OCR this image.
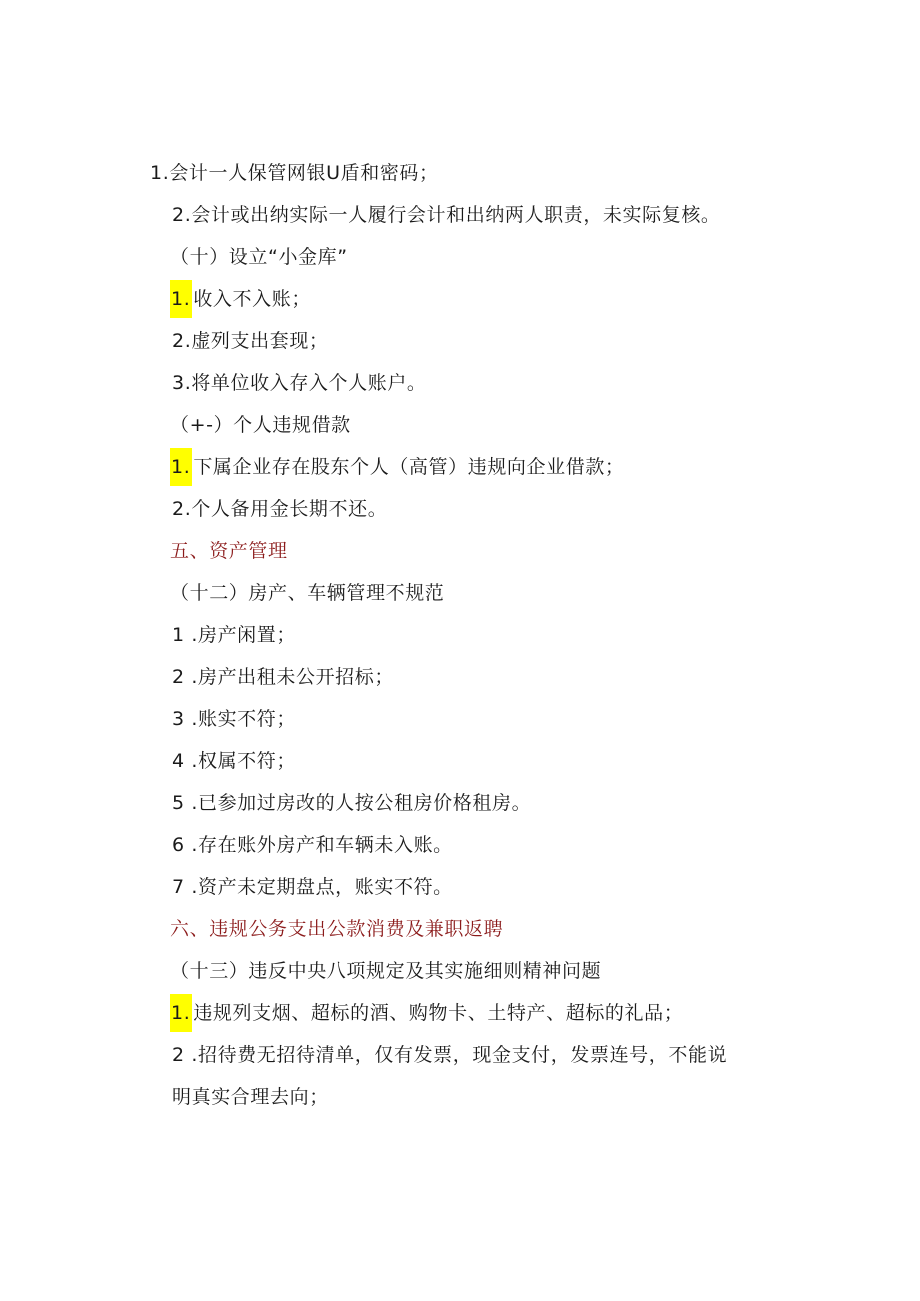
1.会计一人保管网银U盾和密码；
2.会计或出纳实际一人履行会计和出纳两人职责，未实际复核。
（十）设立“小金库”
1. 收入不入账；
2.虚列支出套现；
3.将单位收入存入个人账户。
（+-）个人违规借款
1. 下属企业存在股东个人（高管）违规向企业借款；
2.个人备用金长期不还。
五、资产管理
（十二）房产、车辆管理不规范
1 .房产闲置；
2 .房产出租未公开招标；
3 .账实不符；
4 .权属不符；
5 .已参加过房改的人按公租房价格租房。
6 .存在账外房产和车辆未入账。
7 .资产未定期盘点，账实不符。
六、违规公务支出公款消费及兼职返聘
（十三）违反中央八项规定及其实施细则精神问题
1. 违规列支烟、超标的酒、购物卡、土特产、超标的礼品；
2 .招待费无招待清单，仅有发票，现金支付，发票连号，不能说
明真实合理去向；
